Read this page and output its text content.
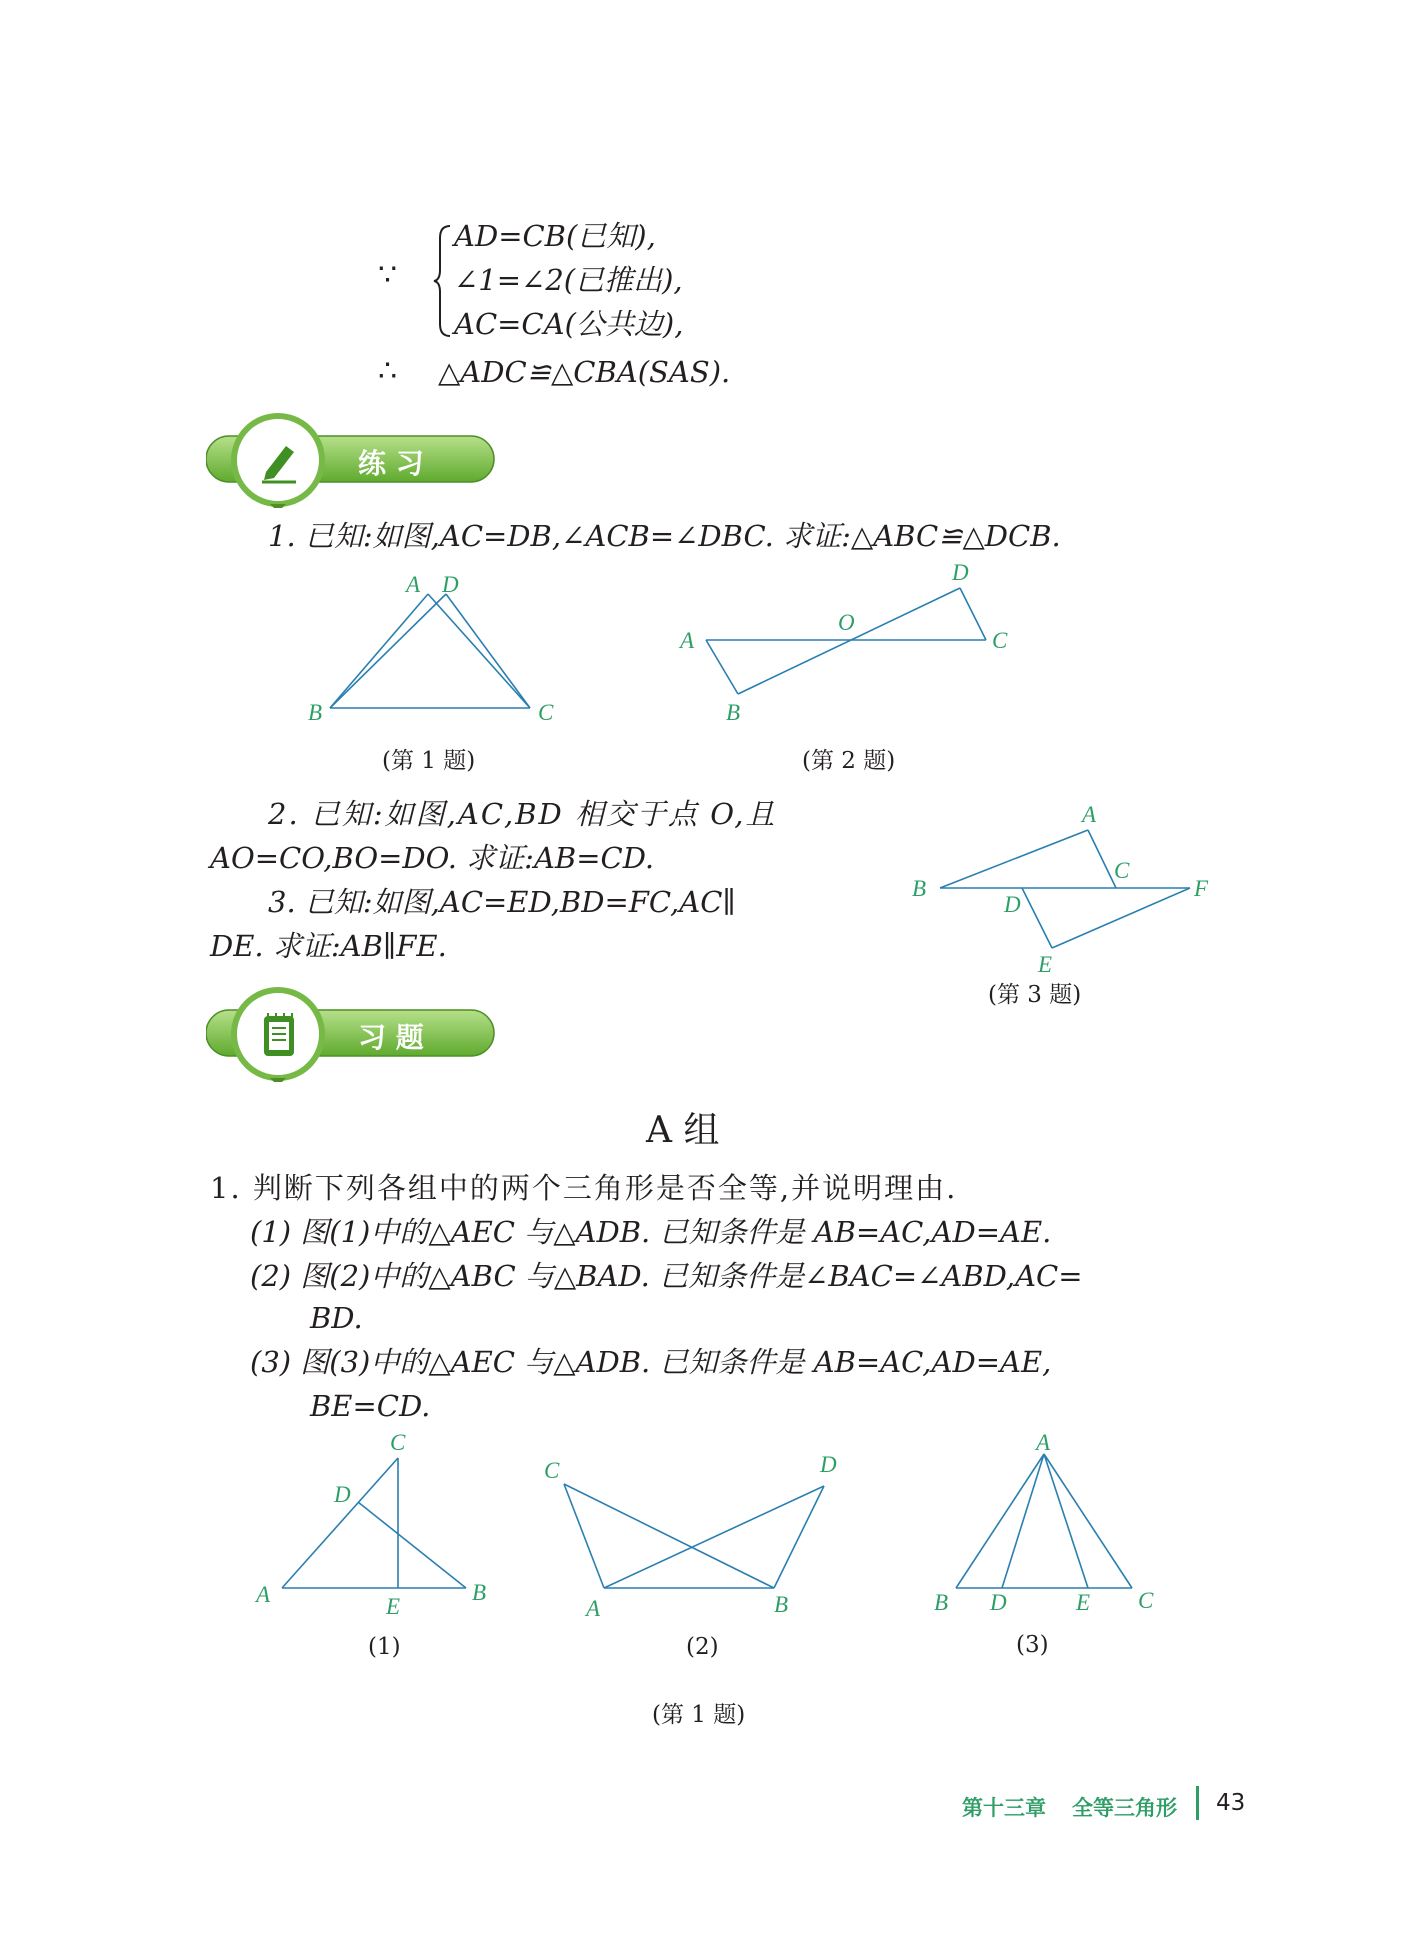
∵
AD=CB(已知),
∠1=∠2(已推出),
AC=CA(公共边),
∴ △ADC≌△CBA(SAS).
练 习
1. 已知:如图,AC=DB,∠ACB=∠DBC. 求证:△ABC≌△DCB.
A D
B	C
(第 1 题)
D
A
O
C
B
(第 2 题)
2. 已知:如图,AC,BD 相交于点 O,且
AO=CO,BO=DO. 求证:AB=CD.
3. 已知:如图,AC=ED,BD=FC,AC∥
DE. 求证:AB∥FE.
A
B
C
F
D
E
(第 3 题)
习 题
A 组
1. 判断下列各组中的两个三角形是否全等,并说明理由.
(1) 图(1)中的△AEC 与△ADB. 已知条件是 AB=AC,AD=AE.
(2) 图(2)中的△ABC 与△BAD. 已知条件是∠BAC=∠ABD,AC=
BD.
(3) 图(3)中的△AEC 与△ADB. 已知条件是 AB=AC,AD=AE,
BE=CD.
C
D
A	E
B
(1)
C	D
A	B
(2)
A
B D	E C
(3)
(第 1 题)
第十三章 全等三角形 43
